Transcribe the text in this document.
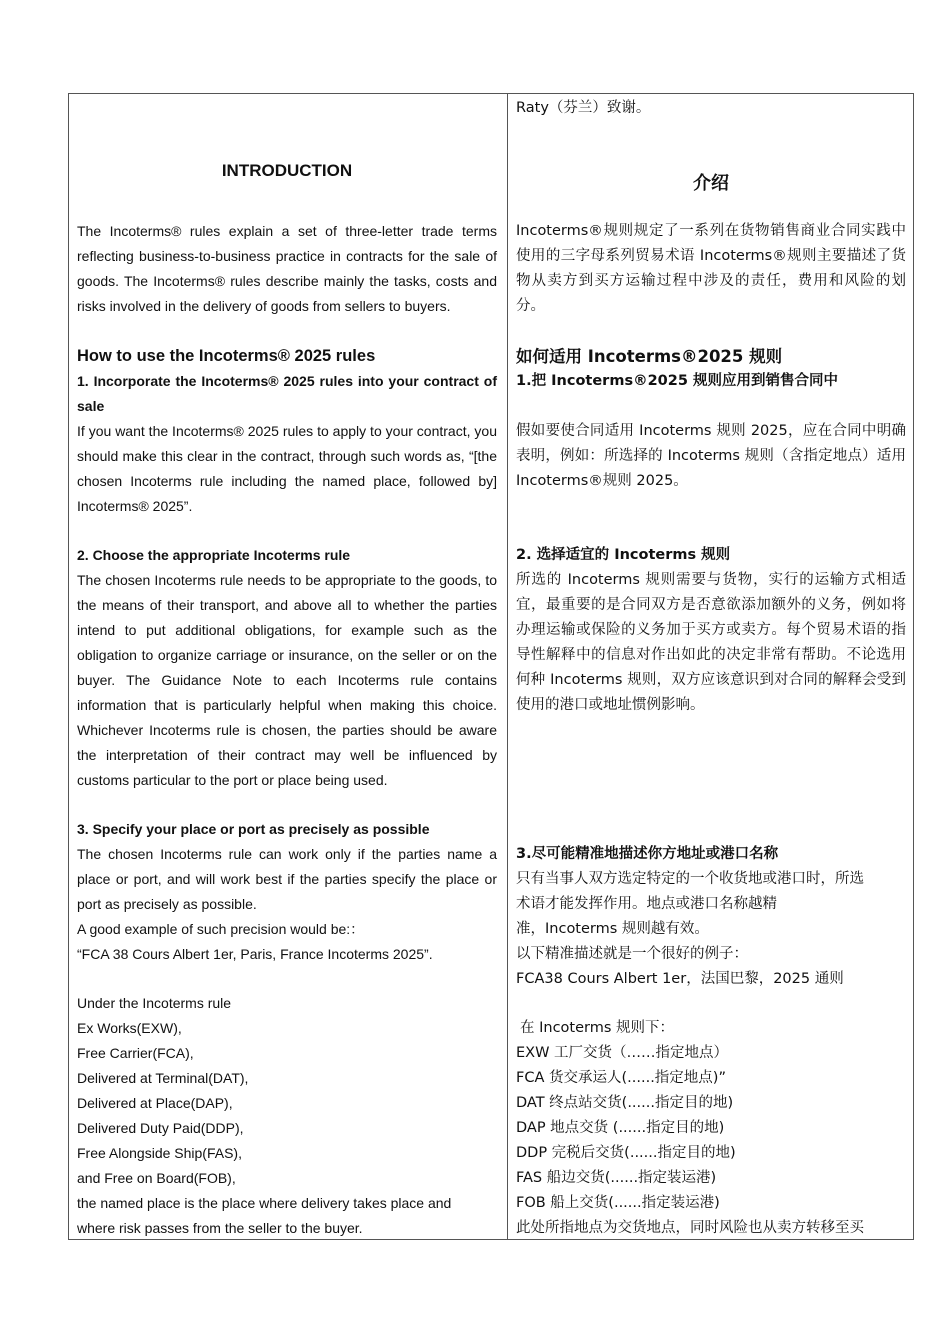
INTRODUCTION

The Incoterms® rules explain a set of three-letter trade terms reflecting business-to-business practice in contracts for the sale of goods. The Incoterms® rules describe mainly the tasks, costs and risks involved in the delivery of goods from sellers to buyers.

How to use the Incoterms® 2025 rules
1. Incorporate the Incoterms® 2025 rules into your contract of sale

If you want the Incoterms® 2025 rules to apply to your contract, you should make this clear in the contract, through such words as, “[the chosen Incoterms rule including the named place, followed by] Incoterms® 2025”.

2. Choose the appropriate Incoterms rule

The chosen Incoterms rule needs to be appropriate to the goods, to the means of their transport, and above all to whether the parties intend to put additional obligations, for example such as the obligation to organize carriage or insurance, on the seller or on the buyer. The Guidance Note to each Incoterms rule contains information that is particularly helpful when making this choice. Whichever Incoterms rule is chosen, the parties should be aware the interpretation of their contract may well be influenced by customs particular to the port or place being used.

3. Specify your place or port as precisely as possible

The chosen Incoterms rule can work only if the parties name a place or port, and will work best if the parties specify the place or port as precisely as possible.

A good example of such precision would be:：
“FCA 38 Cours Albert 1er, Paris, France Incoterms 2025”.
Under the Incoterms rule
Ex Works(EXW),
Free Carrier(FCA),
Delivered at Terminal(DAT),
Delivered at Place(DAP),
Delivered Duty Paid(DDP),
Free Alongside Ship(FAS),
and Free on Board(FOB),
the named place is the place where delivery takes place and
where risk passes from the seller to the buyer.
Raty（芬兰）致谢。
介绍

Incoterms®规则规定了一系列在货物销售商业合同实践中使用的三字母系列贸易术语 Incoterms®规则主要描述了货物从卖方到买方运输过程中涉及的责任，费用和风险的划分。

如何适用 Incoterms®2025 规则
1.把 Incoterms®2025 规则应用到销售合同中

假如要使合同适用 Incoterms 规则 2025，应在合同中明确表明，例如：所选择的 Incoterms 规则（含指定地点）适用 Incoterms®规则 2025。

2. 选择适宜的 Incoterms 规则

所选的 Incoterms 规则需要与货物，实行的运输方式相适宜，最重要的是合同双方是否意欲添加额外的义务，例如将办理运输或保险的义务加于买方或卖方。每个贸易术语的指导性解释中的信息对作出如此的决定非常有帮助。不论选用何种 Incoterms 规则，双方应该意识到对合同的解释会受到使用的港口或地址惯例影响。

3.尽可能精准地描述你方地址或港口名称
只有当事人双方选定特定的一个收货地或港口时，所选
术语才能发挥作用。地点或港口名称越精
准，Incoterms 规则越有效。
以下精准描述就是一个很好的例子：
FCA38 Cours Albert 1er，法国巴黎，2025 通则
在 Incoterms 规则下：
EXW 工厂交货（……指定地点）
FCA 货交承运人(......指定地点)”
DAT 终点站交货(......指定目的地)
DAP 地点交货 (......指定目的地)
DDP 完税后交货(......指定目的地)
FAS 船边交货(......指定装运港)
FOB 船上交货(......指定装运港)
此处所指地点为交货地点，同时风险也从卖方转移至买
